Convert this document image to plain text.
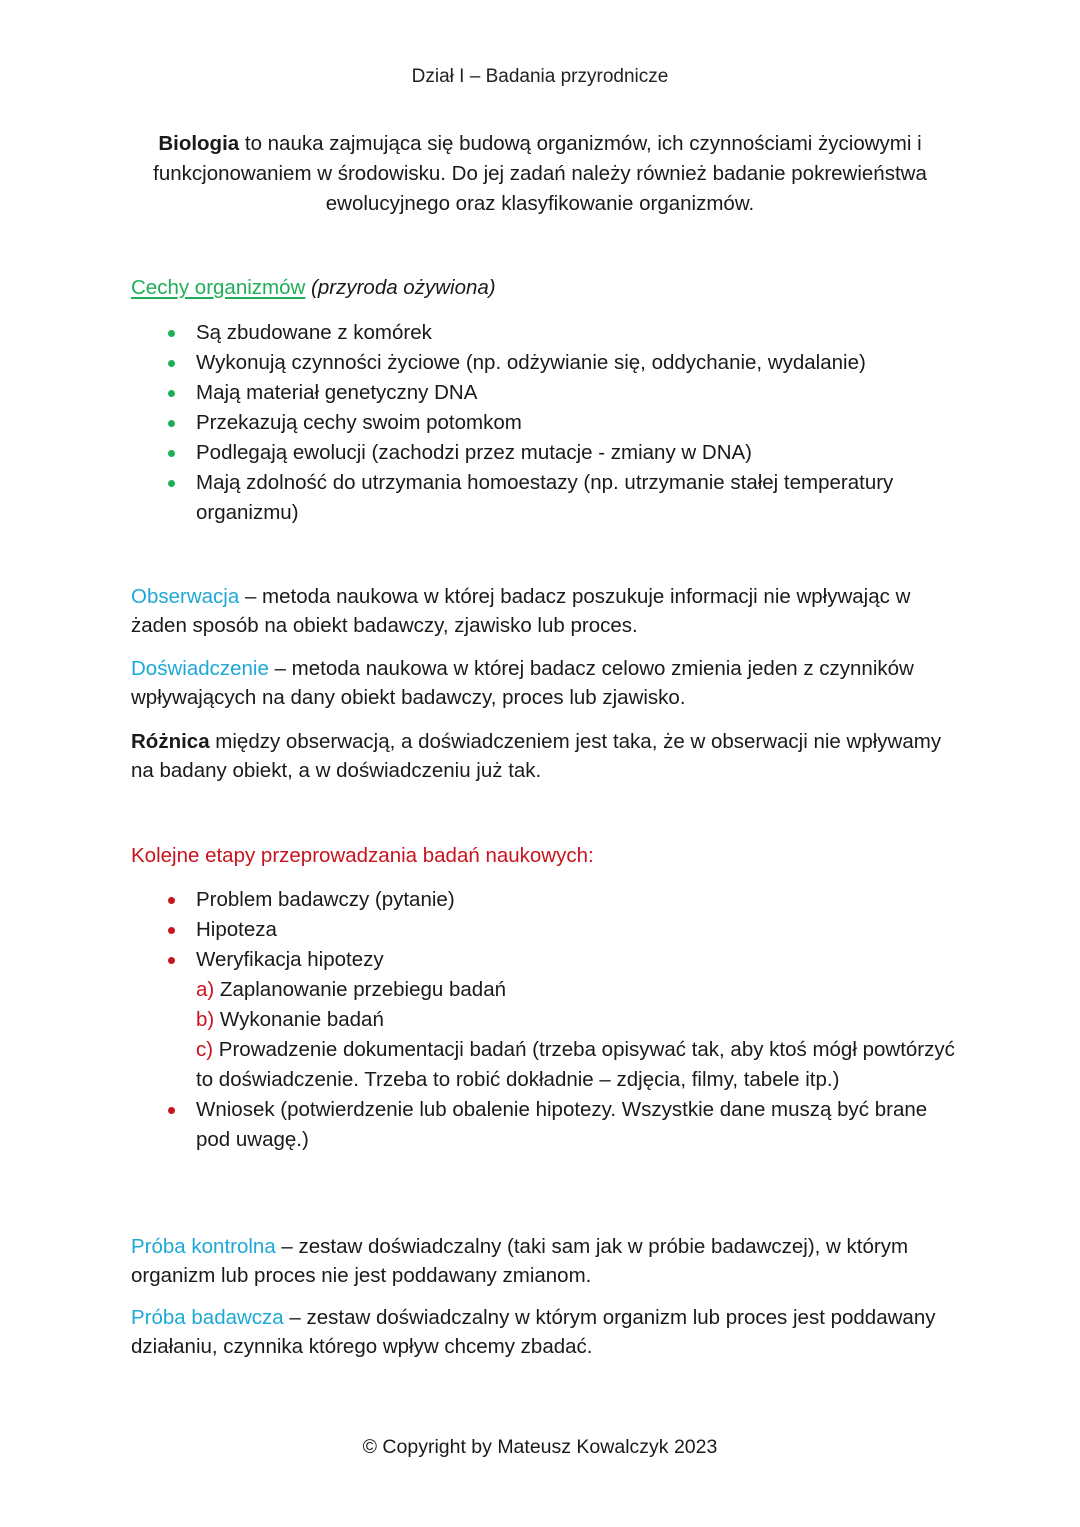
Dział I – Badania przyrodnicze
Biologia to nauka zajmująca się budową organizmów, ich czynnościami życiowymi i funkcjonowaniem w środowisku. Do jej zadań należy również badanie pokrewieństwa ewolucyjnego oraz klasyfikowanie organizmów.
Cechy organizmów (przyroda ożywiona)
Są zbudowane z komórek
Wykonują czynności życiowe (np. odżywianie się, oddychanie, wydalanie)
Mają materiał genetyczny DNA
Przekazują cechy swoim potomkom
Podlegają ewolucji (zachodzi przez mutacje - zmiany w DNA)
Mają zdolność do utrzymania homoestazy (np. utrzymanie stałej temperatury organizmu)
Obserwacja – metoda naukowa w której badacz poszukuje informacji nie wpływając w żaden sposób na obiekt badawczy, zjawisko lub proces.
Doświadczenie – metoda naukowa w której badacz celowo zmienia jeden z czynników wpływających na dany obiekt badawczy, proces lub zjawisko.
Różnica między obserwacją, a doświadczeniem jest taka, że w obserwacji nie wpływamy na badany obiekt, a w doświadczeniu już tak.
Kolejne etapy przeprowadzania badań naukowych:
Problem badawczy (pytanie)
Hipoteza
Weryfikacja hipotezy
a) Zaplanowanie przebiegu badań
b) Wykonanie badań
c) Prowadzenie dokumentacji badań (trzeba opisywać tak, aby ktoś mógł powtórzyć to doświadczenie. Trzeba to robić dokładnie – zdjęcia, filmy, tabele itp.)
Wniosek (potwierdzenie lub obalenie hipotezy. Wszystkie dane muszą być brane pod uwagę.)
Próba kontrolna – zestaw doświadczalny (taki sam jak w próbie badawczej), w którym organizm lub proces nie jest poddawany zmianom.
Próba badawcza – zestaw doświadczalny w którym organizm lub proces jest poddawany działaniu, czynnika którego wpływ chcemy zbadać.
© Copyright by Mateusz Kowalczyk 2023
